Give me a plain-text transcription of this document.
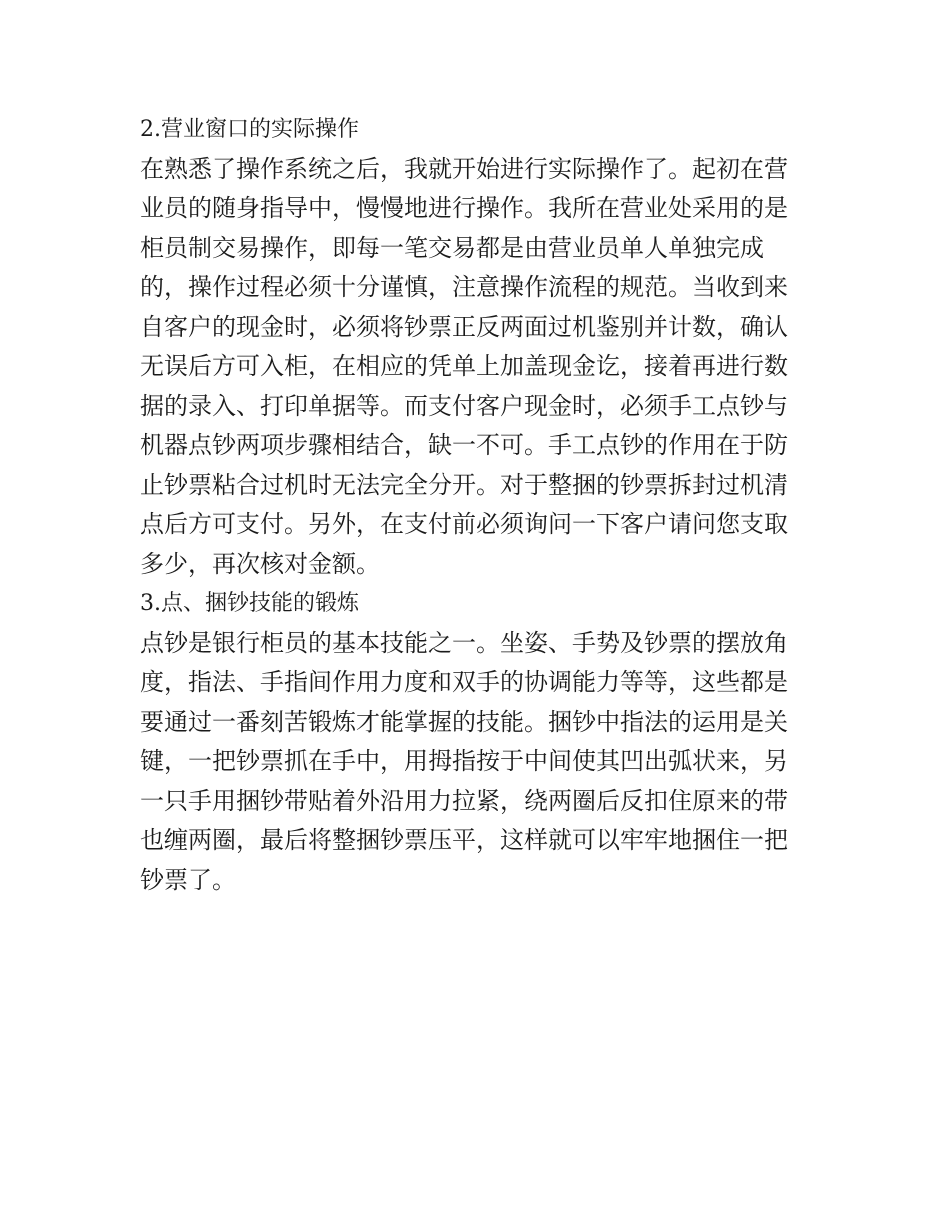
2.营业窗口的实际操作
在熟悉了操作系统之后，我就开始进行实际操作了。起初在营
业员的随身指导中，慢慢地进行操作。我所在营业处采用的是
柜员制交易操作，即每一笔交易都是由营业员单人单独完成
的，操作过程必须十分谨慎，注意操作流程的规范。当收到来
自客户的现金时，必须将钞票正反两面过机鉴别并计数，确认
无误后方可入柜，在相应的凭单上加盖现金讫，接着再进行数
据的录入、打印单据等。而支付客户现金时，必须手工点钞与
机器点钞两项步骤相结合，缺一不可。手工点钞的作用在于防
止钞票粘合过机时无法完全分开。对于整捆的钞票拆封过机清
点后方可支付。另外，在支付前必须询问一下客户请问您支取
多少，再次核对金额。
3.点、捆钞技能的锻炼
点钞是银行柜员的基本技能之一。坐姿、手势及钞票的摆放角
度，指法、手指间作用力度和双手的协调能力等等，这些都是
要通过一番刻苦锻炼才能掌握的技能。捆钞中指法的运用是关
键，一把钞票抓在手中，用拇指按于中间使其凹出弧状来，另
一只手用捆钞带贴着外沿用力拉紧，绕两圈后反扣住原来的带
也缠两圈，最后将整捆钞票压平，这样就可以牢牢地捆住一把
钞票了。
